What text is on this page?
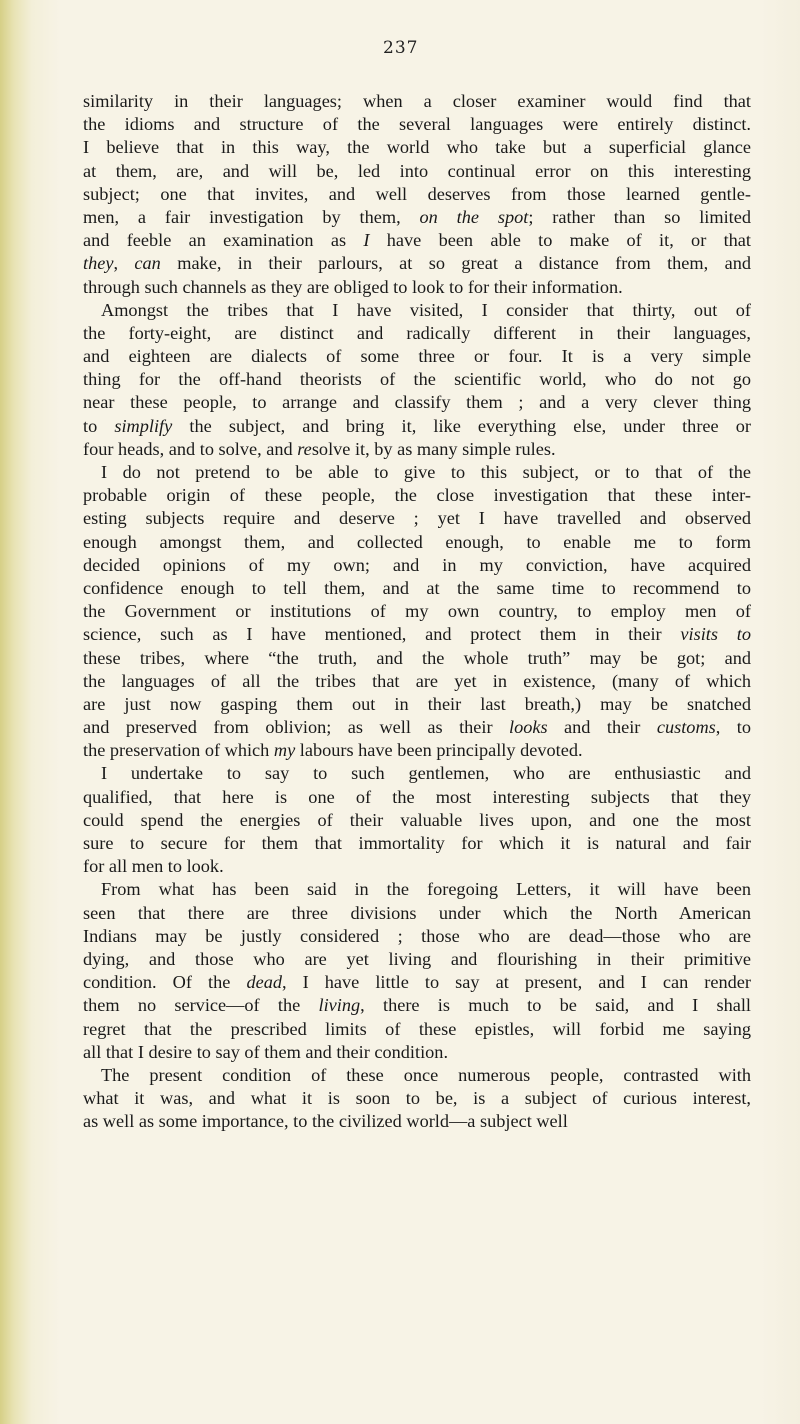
237
similarity in their languages; when a closer examiner would find that
the idioms and structure of the several languages were entirely distinct.
I believe that in this way, the world who take but a superficial glance
at them, are, and will be, led into continual error on this interesting
subject; one that invites, and well deserves from those learned gentle-
men, a fair investigation by them, on the spot; rather than so limited
and feeble an examination as I have been able to make of it, or that
they, can make, in their parlours, at so great a distance from them, and
through such channels as they are obliged to look to for their information.
Amongst the tribes that I have visited, I consider that thirty, out of
the forty-eight, are distinct and radically different in their languages,
and eighteen are dialects of some three or four. It is a very simple
thing for the off-hand theorists of the scientific world, who do not go
near these people, to arrange and classify them ; and a very clever thing
to simplify the subject, and bring it, like everything else, under three or
four heads, and to solve, and resolve it, by as many simple rules.
I do not pretend to be able to give to this subject, or to that of the
probable origin of these people, the close investigation that these inter-
esting subjects require and deserve ; yet I have travelled and observed
enough amongst them, and collected enough, to enable me to form
decided opinions of my own; and in my conviction, have acquired
confidence enough to tell them, and at the same time to recommend to
the Government or institutions of my own country, to employ men of
science, such as I have mentioned, and protect them in their visits to
these tribes, where “the truth, and the whole truth” may be got; and
the languages of all the tribes that are yet in existence, (many of which
are just now gasping them out in their last breath,) may be snatched
and preserved from oblivion; as well as their looks and their customs, to
the preservation of which my labours have been principally devoted.
I undertake to say to such gentlemen, who are enthusiastic and
qualified, that here is one of the most interesting subjects that they
could spend the energies of their valuable lives upon, and one the most
sure to secure for them that immortality for which it is natural and fair
for all men to look.
From what has been said in the foregoing Letters, it will have been
seen that there are three divisions under which the North American
Indians may be justly considered ; those who are dead—those who are
dying, and those who are yet living and flourishing in their primitive
condition. Of the dead, I have little to say at present, and I can render
them no service—of the living, there is much to be said, and I shall
regret that the prescribed limits of these epistles, will forbid me saying
all that I desire to say of them and their condition.
The present condition of these once numerous people, contrasted with
what it was, and what it is soon to be, is a subject of curious interest,
as well as some importance, to the civilized world—a subject well
